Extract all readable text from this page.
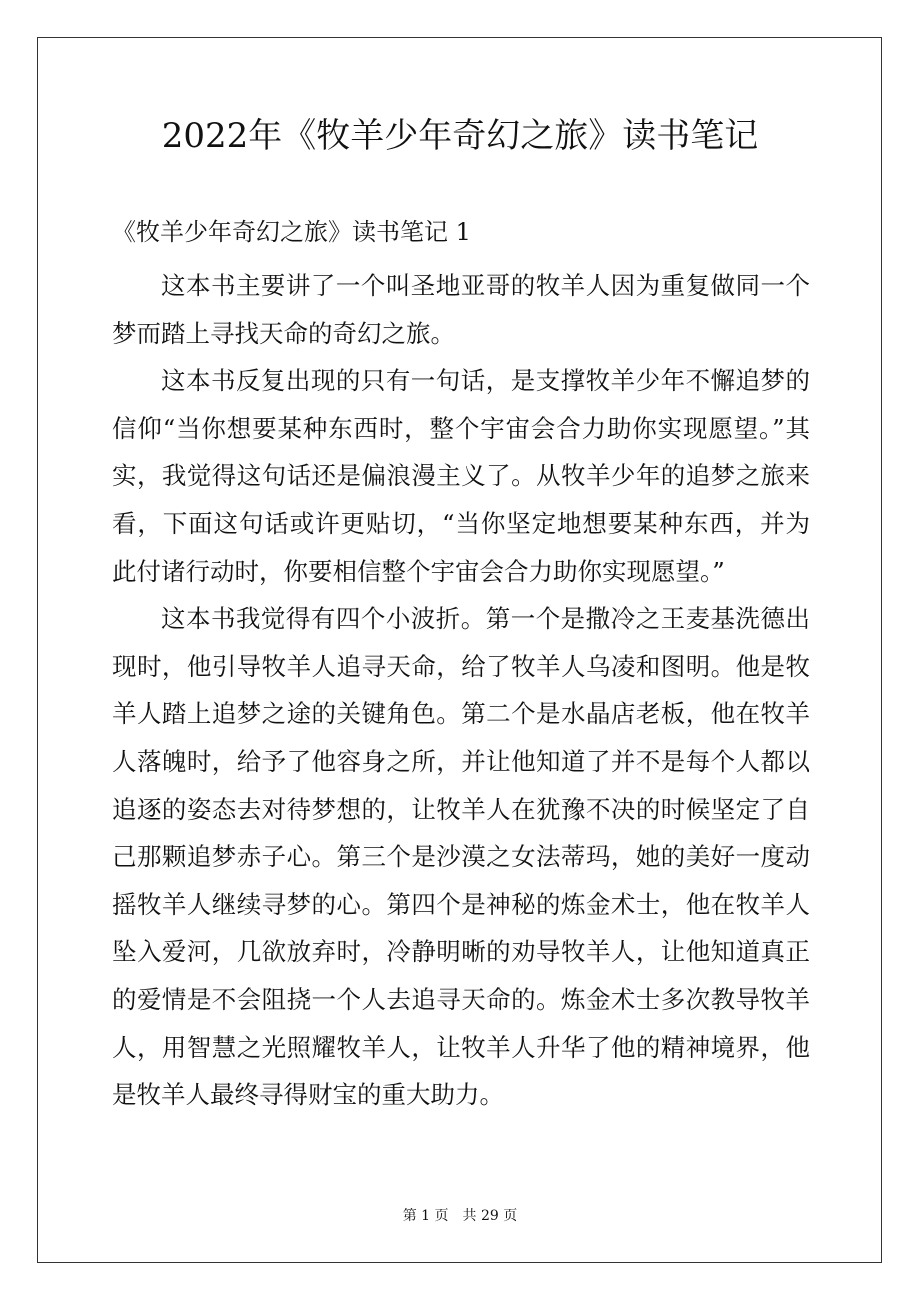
2022年《牧羊少年奇幻之旅》读书笔记
《牧羊少年奇幻之旅》读书笔记 1

这本书主要讲了一个叫圣地亚哥的牧羊人因为重复做同一个梦而踏上寻找天命的奇幻之旅。

这本书反复出现的只有一句话，是支撑牧羊少年不懈追梦的信仰“当你想要某种东西时，整个宇宙会合力助你实现愿望。”其实，我觉得这句话还是偏浪漫主义了。从牧羊少年的追梦之旅来看，下面这句话或许更贴切，“当你坚定地想要某种东西，并为此付诸行动时，你要相信整个宇宙会合力助你实现愿望。”

这本书我觉得有四个小波折。第一个是撒冷之王麦基洗德出现时，他引导牧羊人追寻天命，给了牧羊人乌凌和图明。他是牧羊人踏上追梦之途的关键角色。第二个是水晶店老板，他在牧羊人落魄时，给予了他容身之所，并让他知道了并不是每个人都以追逐的姿态去对待梦想的，让牧羊人在犹豫不决的时候坚定了自己那颗追梦赤子心。第三个是沙漠之女法蒂玛，她的美好一度动摇牧羊人继续寻梦的心。第四个是神秘的炼金术士，他在牧羊人坠入爱河，几欲放弃时，冷静明晰的劝导牧羊人，让他知道真正的爱情是不会阻挠一个人去追寻天命的。炼金术士多次教导牧羊人，用智慧之光照耀牧羊人，让牧羊人升华了他的精神境界，他是牧羊人最终寻得财宝的重大助力。

第 1 页 共 29 页
